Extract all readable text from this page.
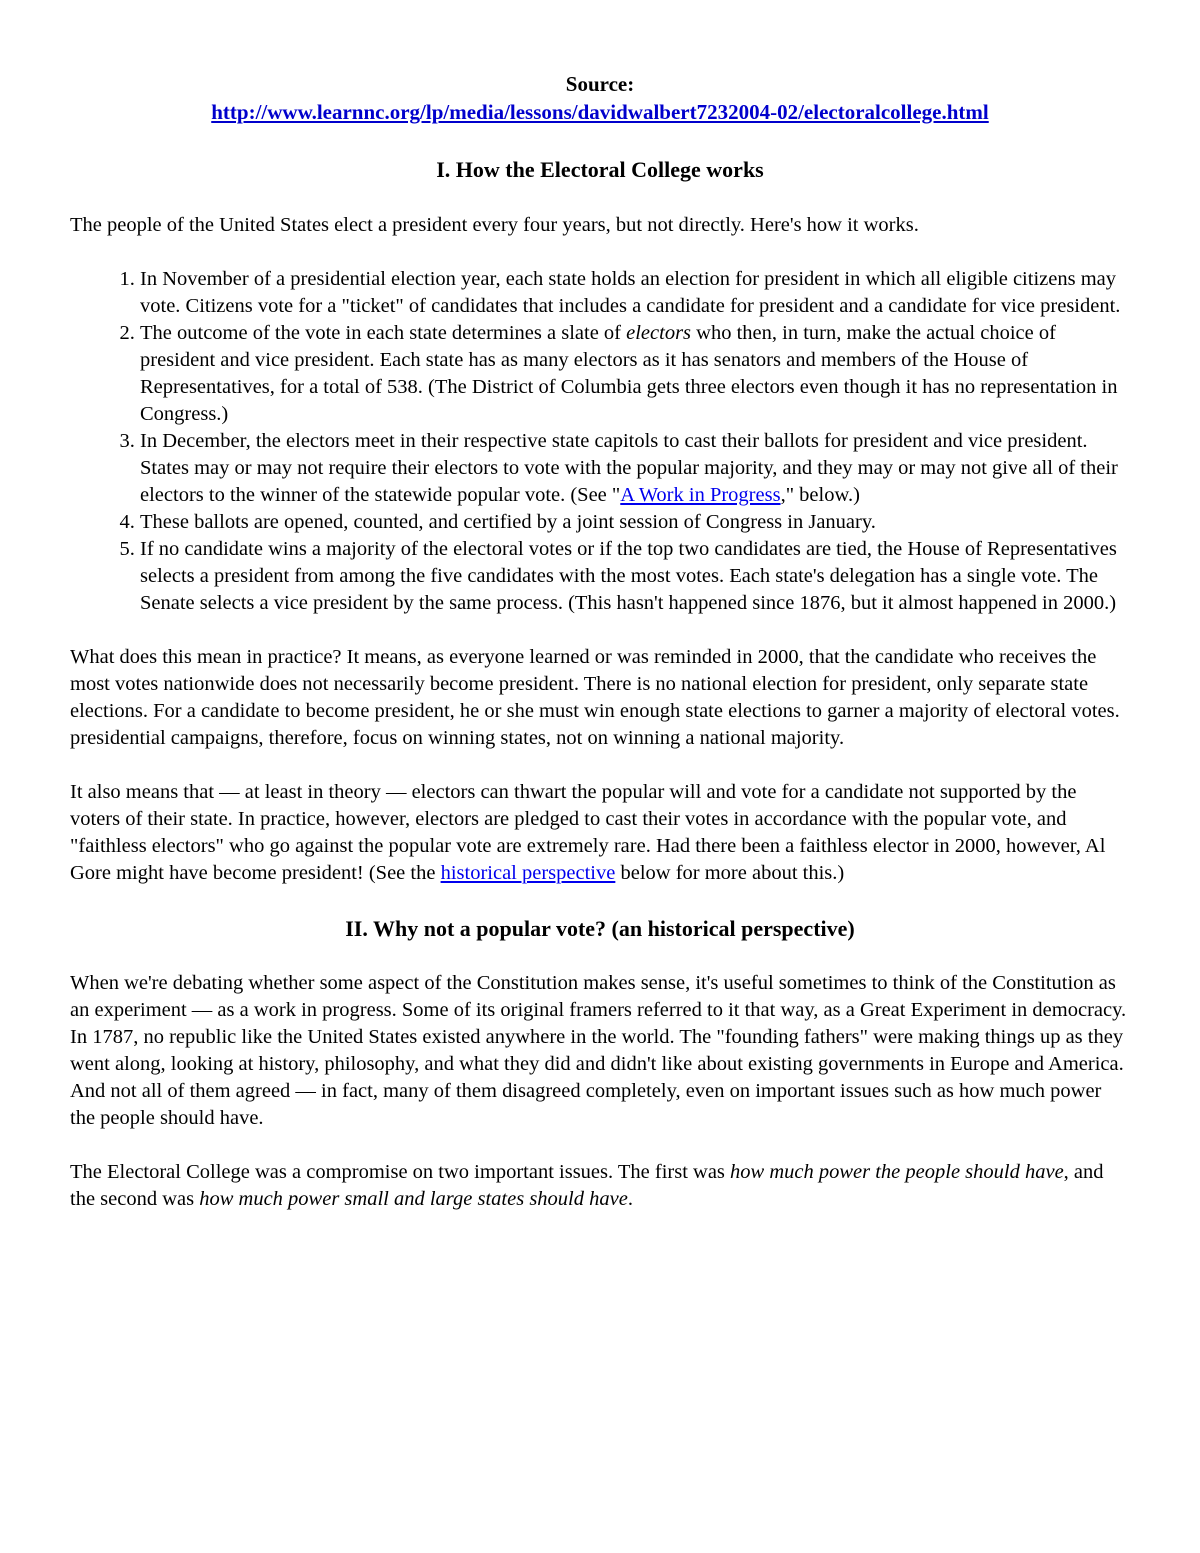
Source:
http://www.learnnc.org/lp/media/lessons/davidwalbert7232004-02/electoralcollege.html
I. How the Electoral College works

The people of the United States elect a president every four years, but not directly. Here's how it works.

1. In November of a presidential election year, each state holds an election for president in which all eligible citizens may vote. Citizens vote for a "ticket" of candidates that includes a candidate for president and a candidate for vice president.
2. The outcome of the vote in each state determines a slate of electors who then, in turn, make the actual choice of president and vice president. Each state has as many electors as it has senators and members of the House of Representatives, for a total of 538. (The District of Columbia gets three electors even though it has no representation in Congress.)
3. In December, the electors meet in their respective state capitols to cast their ballots for president and vice president. States may or may not require their electors to vote with the popular majority, and they may or may not give all of their electors to the winner of the statewide popular vote. (See "A Work in Progress," below.)
4. These ballots are opened, counted, and certified by a joint session of Congress in January.
5. If no candidate wins a majority of the electoral votes or if the top two candidates are tied, the House of Representatives selects a president from among the five candidates with the most votes. Each state's delegation has a single vote. The Senate selects a vice president by the same process. (This hasn't happened since 1876, but it almost happened in 2000.)

What does this mean in practice? It means, as everyone learned or was reminded in 2000, that the candidate who receives the most votes nationwide does not necessarily become president. There is no national election for president, only separate state elections. For a candidate to become president, he or she must win enough state elections to garner a majority of electoral votes. presidential campaigns, therefore, focus on winning states, not on winning a national majority.

It also means that — at least in theory — electors can thwart the popular will and vote for a candidate not supported by the voters of their state. In practice, however, electors are pledged to cast their votes in accordance with the popular vote, and "faithless electors" who go against the popular vote are extremely rare. Had there been a faithless elector in 2000, however, Al Gore might have become president! (See the historical perspective below for more about this.)

II. Why not a popular vote? (an historical perspective)

When we're debating whether some aspect of the Constitution makes sense, it's useful sometimes to think of the Constitution as an experiment — as a work in progress. Some of its original framers referred to it that way, as a Great Experiment in democracy. In 1787, no republic like the United States existed anywhere in the world. The "founding fathers" were making things up as they went along, looking at history, philosophy, and what they did and didn't like about existing governments in Europe and America. And not all of them agreed — in fact, many of them disagreed completely, even on important issues such as how much power the people should have.

The Electoral College was a compromise on two important issues. The first was how much power the people should have, and the second was how much power small and large states should have.
